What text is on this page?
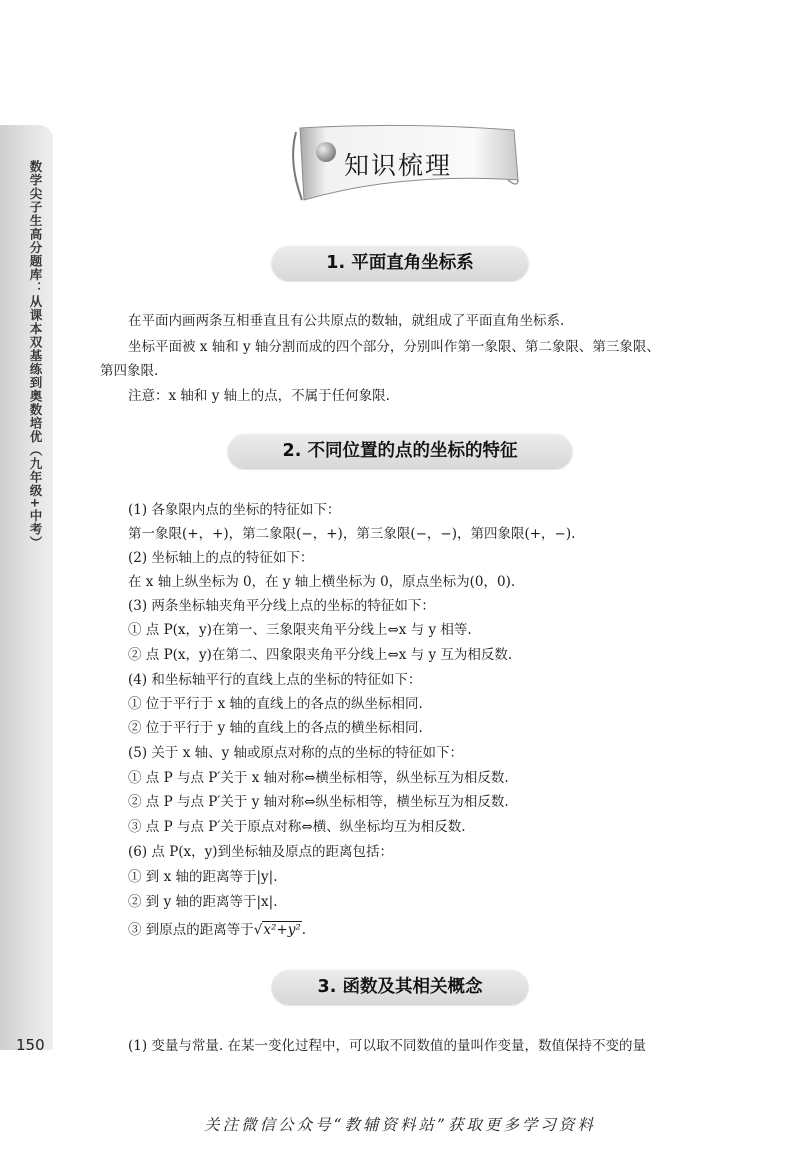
数学尖子生高分题库：从课本双基练到奥数培优（九年级+中考）
150
知识梳理
1. 平面直角坐标系
在平面内画两条互相垂直且有公共原点的数轴，就组成了平面直角坐标系.
坐标平面被 x 轴和 y 轴分割而成的四个部分，分别叫作第一象限、第二象限、第三象限、
第四象限.
注意：x 轴和 y 轴上的点，不属于任何象限.
2. 不同位置的点的坐标的特征
(1) 各象限内点的坐标的特征如下：
第一象限(+，+)，第二象限(−，+)，第三象限(−，−)，第四象限(+，−).
(2) 坐标轴上的点的特征如下：
在 x 轴上纵坐标为 0，在 y 轴上横坐标为 0，原点坐标为(0，0).
(3) 两条坐标轴夹角平分线上点的坐标的特征如下：
① 点 P(x，y)在第一、三象限夹角平分线上⇔x 与 y 相等.
② 点 P(x，y)在第二、四象限夹角平分线上⇔x 与 y 互为相反数.
(4) 和坐标轴平行的直线上点的坐标的特征如下：
① 位于平行于 x 轴的直线上的各点的纵坐标相同.
② 位于平行于 y 轴的直线上的各点的横坐标相同.
(5) 关于 x 轴、y 轴或原点对称的点的坐标的特征如下：
① 点 P 与点 P′关于 x 轴对称⇔横坐标相等，纵坐标互为相反数.
② 点 P 与点 P′关于 y 轴对称⇔纵坐标相等，横坐标互为相反数.
③ 点 P 与点 P′关于原点对称⇔横、纵坐标均互为相反数.
(6) 点 P(x，y)到坐标轴及原点的距离包括：
① 到 x 轴的距离等于|y|.
② 到 y 轴的距离等于|x|.
③ 到原点的距离等于√x²+y².
3. 函数及其相关概念
(1) 变量与常量. 在某一变化过程中，可以取不同数值的量叫作变量，数值保持不变的量
关注微信公众号“教辅资料站”获取更多学习资料
